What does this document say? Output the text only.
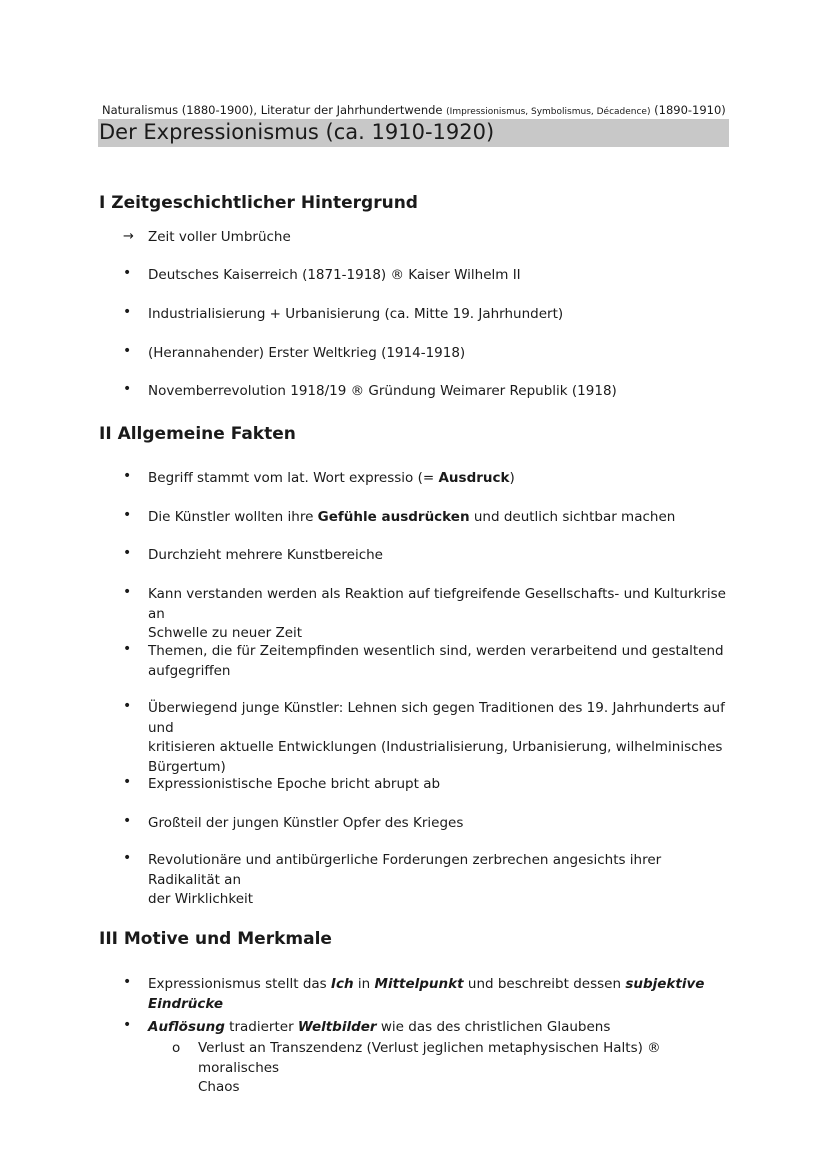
Naturalismus (1880-1900), Literatur der Jahrhundertwende (Impressionismus, Symbolismus, Décadence) (1890-1910)
Der Expressionismus (ca. 1910-1920)
I Zeitgeschichtlicher Hintergrund
→ Zeit voller Umbrüche
• Deutsches Kaiserreich (1871-1918) ® Kaiser Wilhelm II
• Industrialisierung + Urbanisierung (ca. Mitte 19. Jahrhundert)
• (Herannahender) Erster Weltkrieg (1914-1918)
• Novemberrevolution 1918/19 ® Gründung Weimarer Republik (1918)
II Allgemeine Fakten
• Begriff stammt vom lat. Wort expressio (= Ausdruck)
• Die Künstler wollten ihre Gefühle ausdrücken und deutlich sichtbar machen
• Durchzieht mehrere Kunstbereiche
• Kann verstanden werden als Reaktion auf tiefgreifende Gesellschafts- und Kulturkrise an
Schwelle zu neuer Zeit
• Themen, die für Zeitempfinden wesentlich sind, werden verarbeitend und gestaltend
aufgegriffen
• Überwiegend junge Künstler: Lehnen sich gegen Traditionen des 19. Jahrhunderts auf und
kritisieren aktuelle Entwicklungen (Industrialisierung, Urbanisierung, wilhelminisches
Bürgertum)
• Expressionistische Epoche bricht abrupt ab
• Großteil der jungen Künstler Opfer des Krieges
• Revolutionäre und antibürgerliche Forderungen zerbrechen angesichts ihrer Radikalität an
der Wirklichkeit
III Motive und Merkmale
• Expressionismus stellt das Ich in Mittelpunkt und beschreibt dessen subjektive Eindrücke
• Auflösung tradierter Weltbilder wie das des christlichen Glaubens
o Verlust an Transzendenz (Verlust jeglichen metaphysischen Halts) ® moralisches
Chaos
